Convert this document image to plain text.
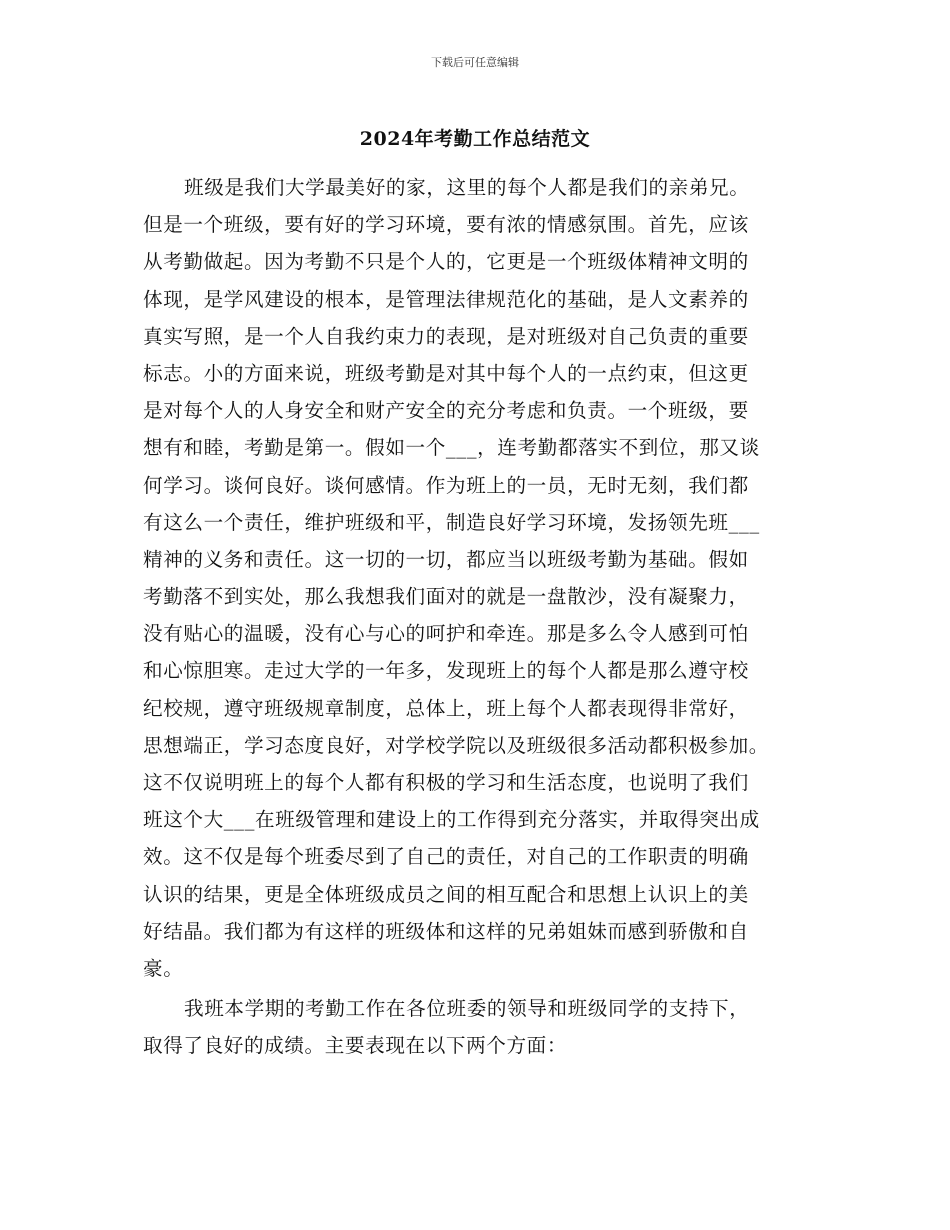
下载后可任意编辑
2024年考勤工作总结范文
班级是我们大学最美好的家，这里的每个人都是我们的亲弟兄。
但是一个班级，要有好的学习环境，要有浓的情感氛围。首先，应该
从考勤做起。因为考勤不只是个人的，它更是一个班级体精神文明的
体现，是学风建设的根本，是管理法律规范化的基础，是人文素养的
真实写照，是一个人自我约束力的表现，是对班级对自己负责的重要
标志。小的方面来说，班级考勤是对其中每个人的一点约束，但这更
是对每个人的人身安全和财产安全的充分考虑和负责。一个班级，要
想有和睦，考勤是第一。假如一个___，连考勤都落实不到位，那又谈
何学习。谈何良好。谈何感情。作为班上的一员，无时无刻，我们都
有这么一个责任，维护班级和平，制造良好学习环境，发扬领先班___
精神的义务和责任。这一切的一切，都应当以班级考勤为基础。假如
考勤落不到实处，那么我想我们面对的就是一盘散沙，没有凝聚力，
没有贴心的温暖，没有心与心的呵护和牵连。那是多么令人感到可怕
和心惊胆寒。走过大学的一年多，发现班上的每个人都是那么遵守校
纪校规，遵守班级规章制度，总体上，班上每个人都表现得非常好，
思想端正，学习态度良好，对学校学院以及班级很多活动都积极参加。
这不仅说明班上的每个人都有积极的学习和生活态度，也说明了我们
班这个大___在班级管理和建设上的工作得到充分落实，并取得突出成
效。这不仅是每个班委尽到了自己的责任，对自己的工作职责的明确
认识的结果，更是全体班级成员之间的相互配合和思想上认识上的美
好结晶。我们都为有这样的班级体和这样的兄弟姐妹而感到骄傲和自
豪。
我班本学期的考勤工作在各位班委的领导和班级同学的支持下，
取得了良好的成绩。主要表现在以下两个方面：
